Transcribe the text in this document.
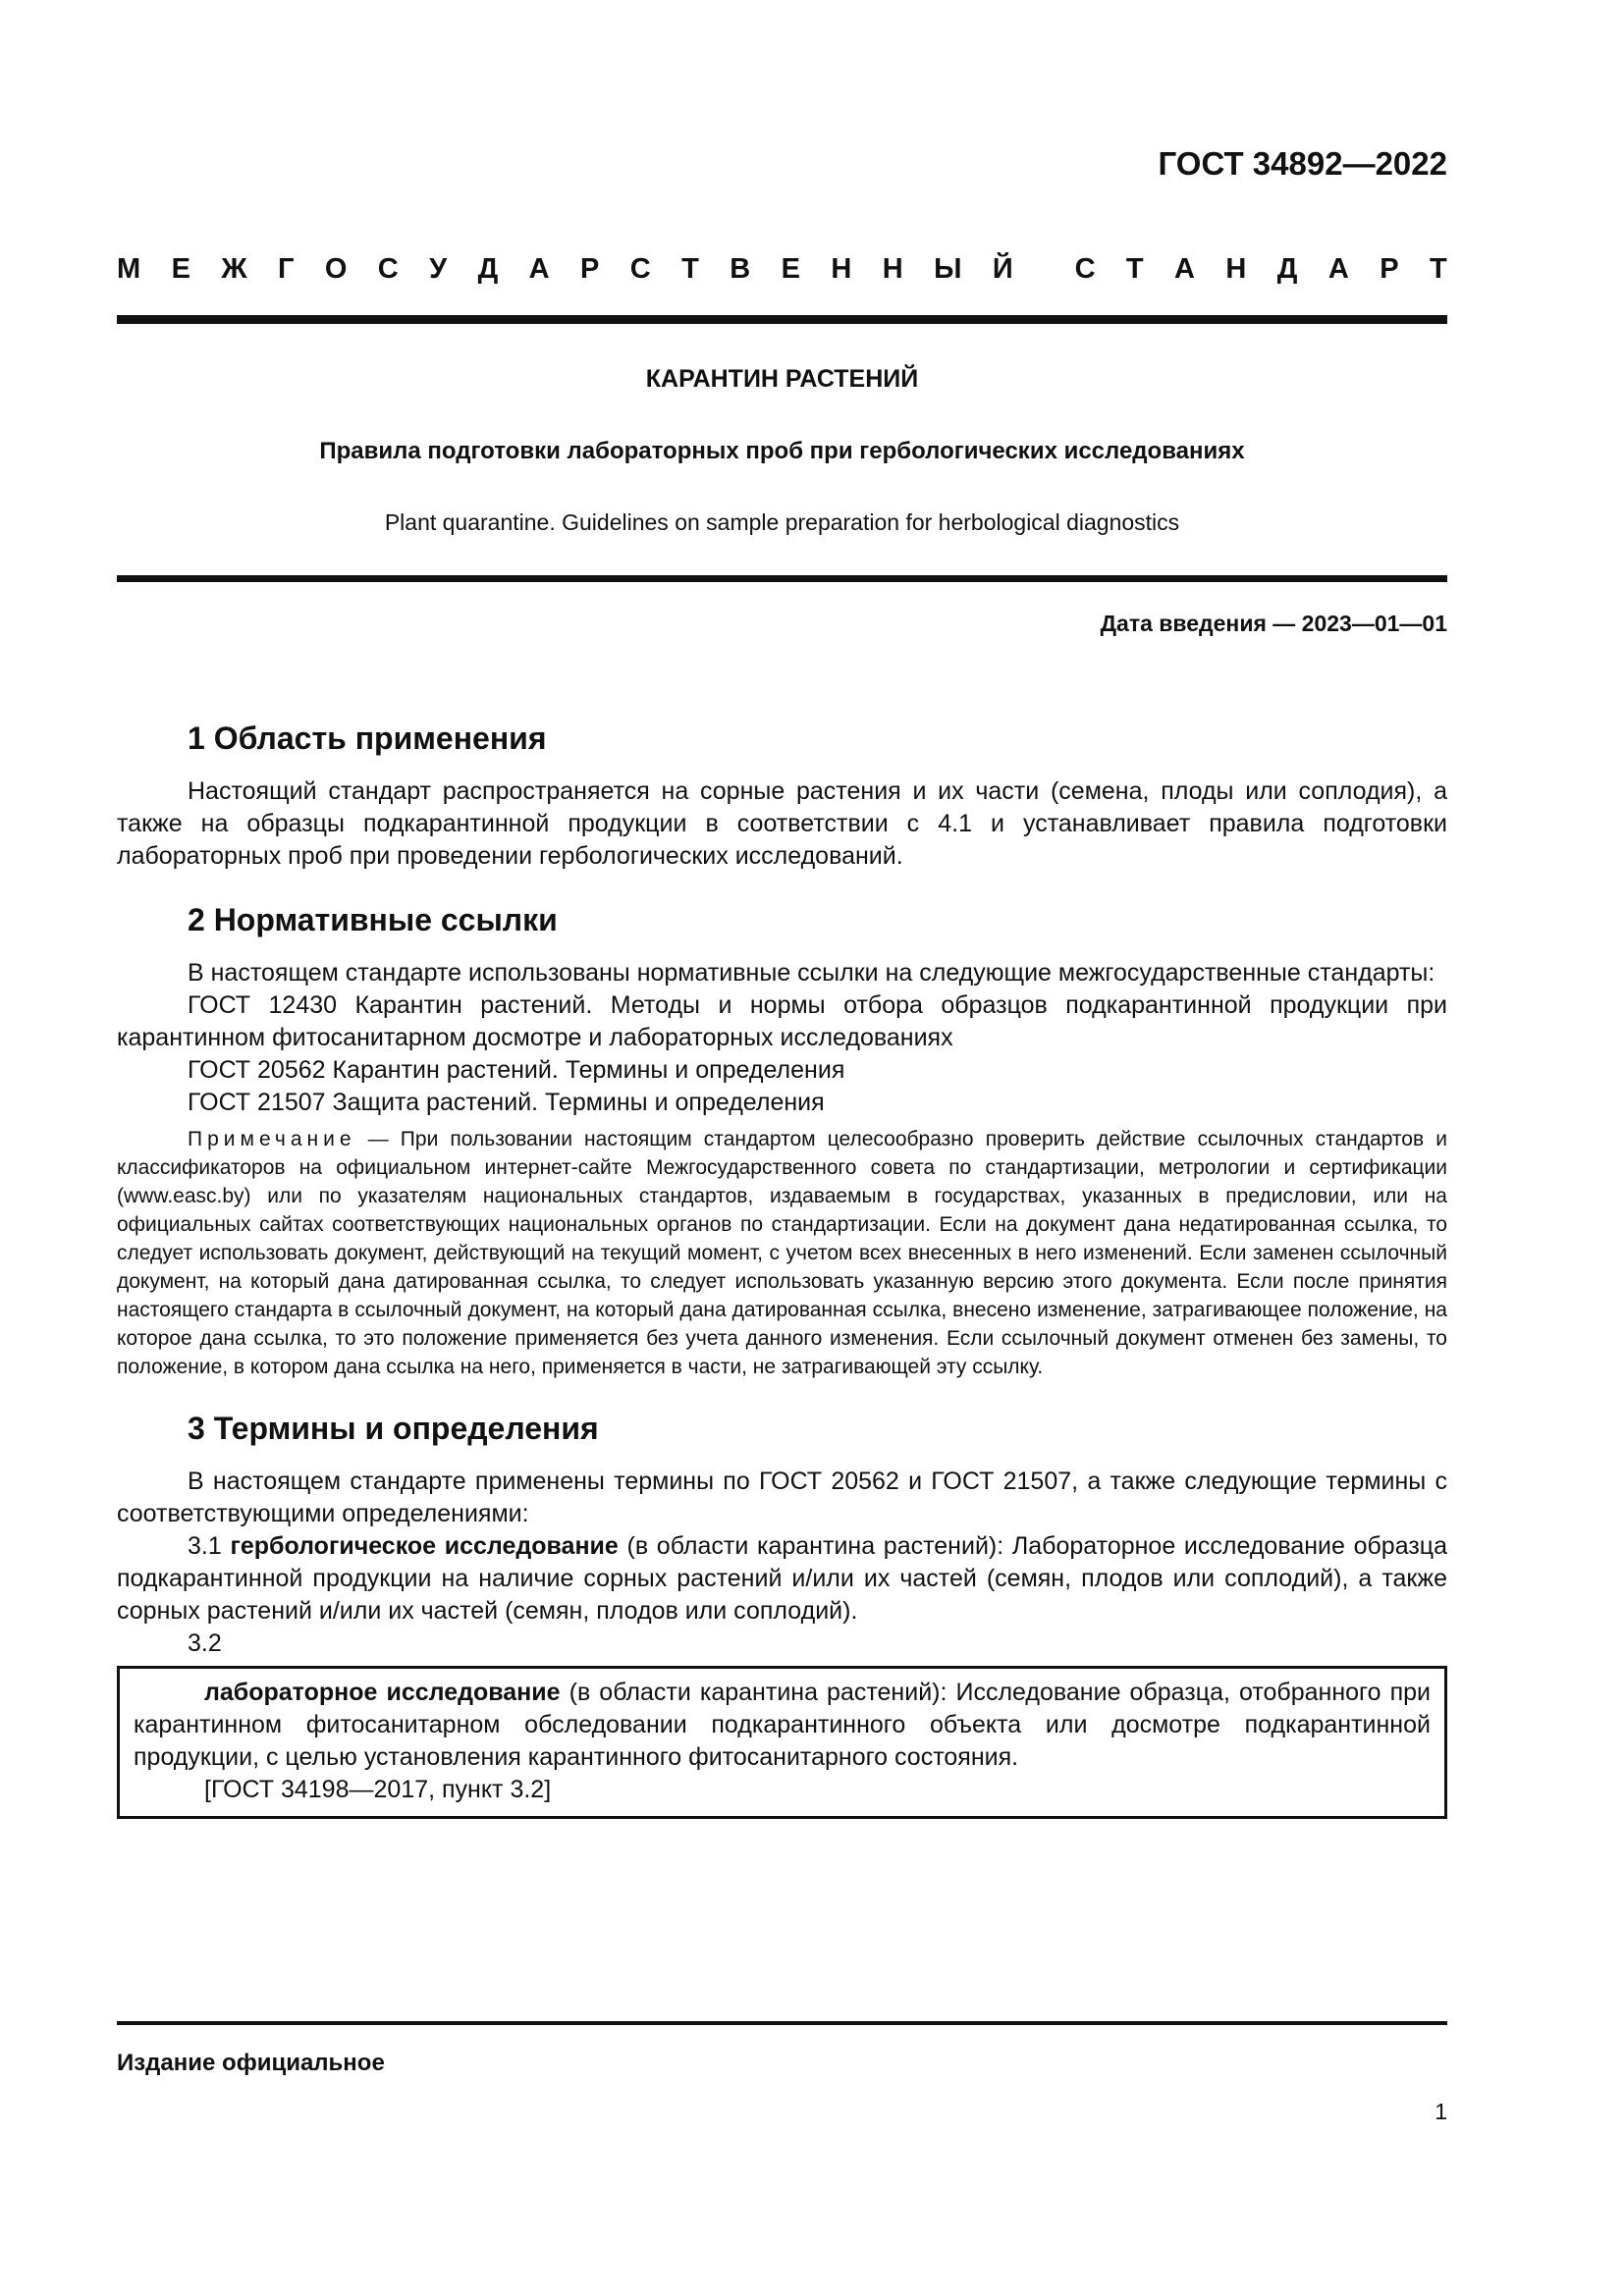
ГОСТ 34892—2022
М Е Ж Г О С У Д А Р С Т В Е Н Н Ы Й С Т А Н Д А Р Т
КАРАНТИН РАСТЕНИЙ
Правила подготовки лабораторных проб при гербологических исследованиях
Plant quarantine. Guidelines on sample preparation for herbological diagnostics
Дата введения — 2023—01—01
1 Область применения

Настоящий стандарт распространяется на сорные растения и их части (семена, плоды или соплодия), а также на образцы подкарантинной продукции в соответствии с 4.1 и устанавливает правила подготовки лабораторных проб при проведении гербологических исследований.

2 Нормативные ссылки

В настоящем стандарте использованы нормативные ссылки на следующие межгосударственные стандарты:

ГОСТ 12430 Карантин растений. Методы и нормы отбора образцов подкарантинной продукции при карантинном фитосанитарном досмотре и лабораторных исследованиях

ГОСТ 20562 Карантин растений. Термины и определения

ГОСТ 21507 Защита растений. Термины и определения

Примечание — При пользовании настоящим стандартом целесообразно проверить действие ссылочных стандартов и классификаторов на официальном интернет-сайте Межгосударственного совета по стандартизации, метрологии и сертификации (www.easc.by) или по указателям национальных стандартов, издаваемым в государствах, указанных в предисловии, или на официальных сайтах соответствующих национальных органов по стандартизации. Если на документ дана недатированная ссылка, то следует использовать документ, действующий на текущий момент, с учетом всех внесенных в него изменений. Если заменен ссылочный документ, на который дана датированная ссылка, то следует использовать указанную версию этого документа. Если после принятия настоящего стандарта в ссылочный документ, на который дана датированная ссылка, внесено изменение, затрагивающее положение, на которое дана ссылка, то это положение применяется без учета данного изменения. Если ссылочный документ отменен без замены, то положение, в котором дана ссылка на него, применяется в части, не затрагивающей эту ссылку.
3 Термины и определения

В настоящем стандарте применены термины по ГОСТ 20562 и ГОСТ 21507, а также следующие термины с соответствующими определениями:

3.1 гербологическое исследование (в области карантина растений): Лабораторное исследование образца подкарантинной продукции на наличие сорных растений и/или их частей (семян, плодов или соплодий), а также сорных растений и/или их частей (семян, плодов или соплодий).

3.2

лабораторное исследование (в области карантина растений): Исследование образца, отобранного при карантинном фитосанитарном обследовании подкарантинного объекта или досмотре подкарантинной продукции, с целью установления карантинного фитосанитарного состояния.

[ГОСТ 34198—2017, пункт 3.2]

Издание официальное
1
